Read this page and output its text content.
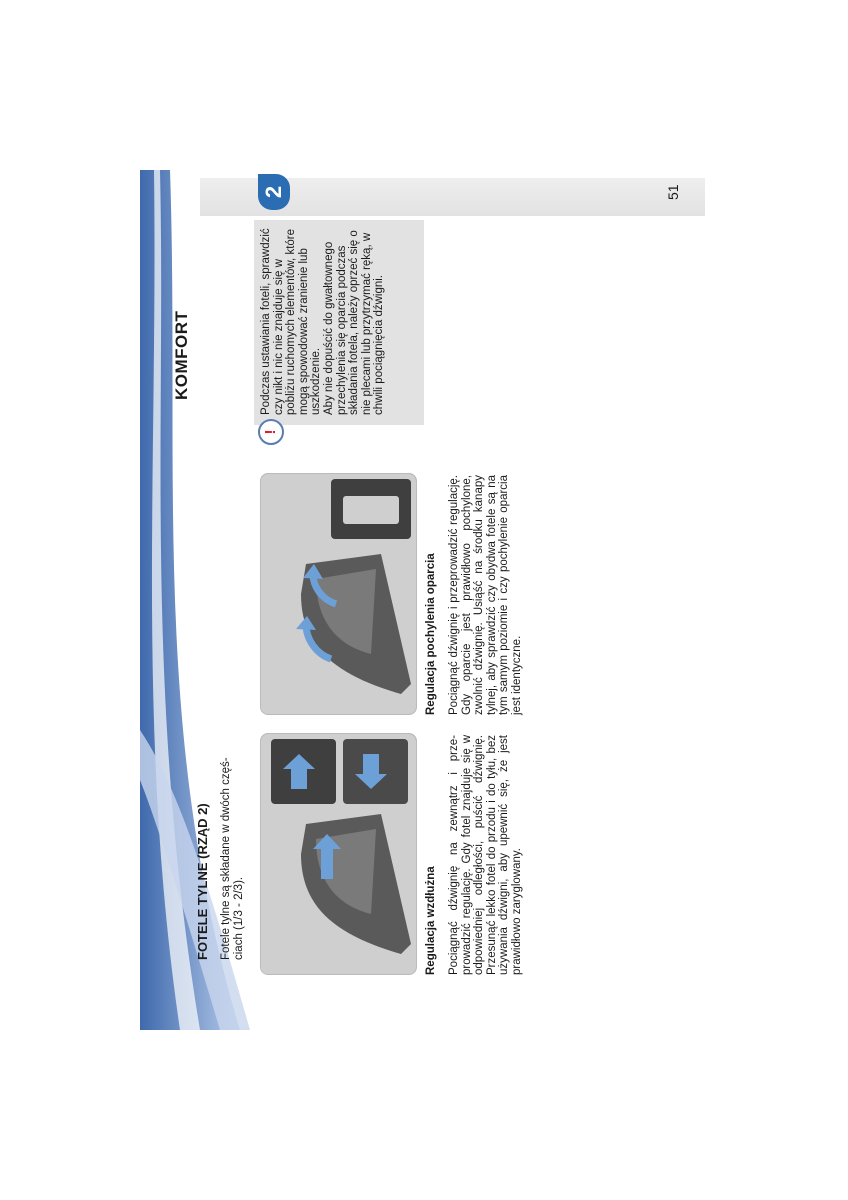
KOMFORT
2	51
FOTELE TYLNE (RZĄD 2) Fotele tylne są składane w dwóch częściach (1/3 - 2/3).	Regulacja wzdłużna Pociągnąć dźwignię na zewnątrz i przeprowadzić regulację. Gdy fotel znajduje się w odpowiedniej odległości, puścić dźwignię. Przesunąć lekko fotel do przodu i do tyłu, bez używania dźwigni, aby upewnić się, że jest prawidłowo zaryglowany.
Regulacja pochylenia oparcia Pociągnąć dźwignię i przeprowadzić regulację. Gdy oparcie jest prawidłowo pochylone, zwolnić dźwignię. Usiąść na środku kanapy tylnej, aby sprawdzić czy obydwa fotele są na tym samym poziomie i czy pochylenie oparcia jest identyczne.
!

Podczas ustawiania foteli, sprawdzić czy nikt i nic nie znajduje się w pobliżu ruchomych elementów, które mogą spowodować zranienie lub uszkodzenie. Aby nie dopuścić do gwałtownego przechylenia się oparcia podczas składania fotela, należy oprzeć się o nie plecami lub przytrzymać ręką, w chwili pociągnięcia dźwigni.
